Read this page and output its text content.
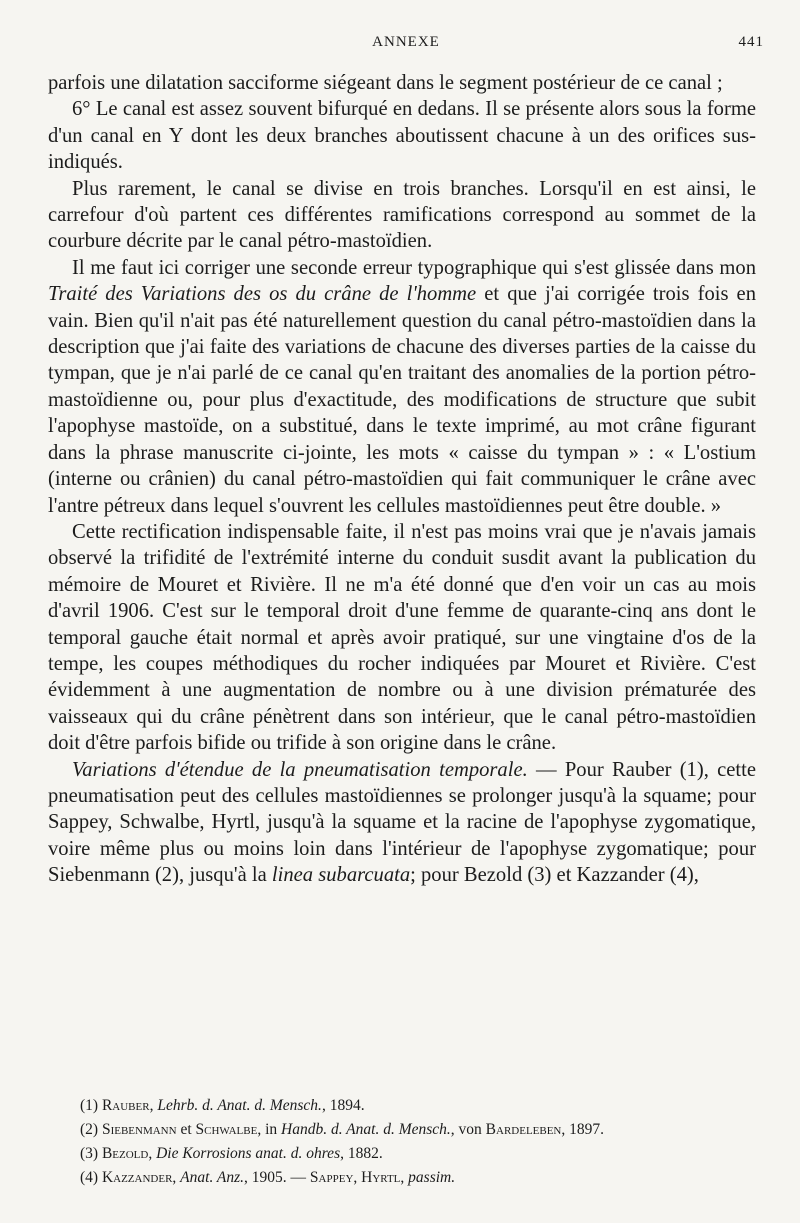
ANNEXE	441

parfois une dilatation sacciforme siégeant dans le segment postérieur de ce canal ;

6° Le canal est assez souvent bifurqué en dedans. Il se présente alors sous la forme d'un canal en Y dont les deux branches aboutissent chacune à un des orifices sus-indiqués.

Plus rarement, le canal se divise en trois branches. Lorsqu'il en est ainsi, le carrefour d'où partent ces différentes ramifications correspond au sommet de la courbure décrite par le canal pétro-mastoïdien.

Il me faut ici corriger une seconde erreur typographique qui s'est glissée dans mon Traité des Variations des os du crâne de l'homme et que j'ai corrigée trois fois en vain. Bien qu'il n'ait pas été naturellement question du canal pétro-mastoïdien dans la description que j'ai faite des variations de chacune des diverses parties de la caisse du tympan, que je n'ai parlé de ce canal qu'en traitant des anomalies de la portion pétro-mastoïdienne ou, pour plus d'exactitude, des modifications de structure que subit l'apophyse mastoïde, on a substitué, dans le texte imprimé, au mot crâne figurant dans la phrase manuscrite ci-jointe, les mots « caisse du tympan » : « L'ostium (interne ou crânien) du canal pétro-mastoïdien qui fait communiquer le crâne avec l'antre pétreux dans lequel s'ouvrent les cellules mastoïdiennes peut être double. »

Cette rectification indispensable faite, il n'est pas moins vrai que je n'avais jamais observé la trifidité de l'extrémité interne du conduit susdit avant la publication du mémoire de Mouret et Rivière. Il ne m'a été donné que d'en voir un cas au mois d'avril 1906. C'est sur le temporal droit d'une femme de quarante-cinq ans dont le temporal gauche était normal et après avoir pratiqué, sur une vingtaine d'os de la tempe, les coupes méthodiques du rocher indiquées par Mouret et Rivière. C'est évidemment à une augmentation de nombre ou à une division prématurée des vaisseaux qui du crâne pénètrent dans son intérieur, que le canal pétro-mastoïdien doit d'être parfois bifide ou trifide à son origine dans le crâne.

Variations d'étendue de la pneumatisation temporale. — Pour Rauber (1), cette pneumatisation peut des cellules mastoïdiennes se prolonger jusqu'à la squame; pour Sappey, Schwalbe, Hyrtl, jusqu'à la squame et la racine de l'apophyse zygomatique, voire même plus ou moins loin dans l'intérieur de l'apophyse zygomatique; pour Siebenmann (2), jusqu'à la linea subarcuata; pour Bezold (3) et Kazzander (4),

(1) Rauber, Lehrb. d. Anat. d. Mensch., 1894.
(2) Siebenmann et Schwalbe, in Handb. d. Anat. d. Mensch., von Bardeleben, 1897.
(3) Bezold, Die Korrosions anat. d. ohres, 1882.
(4) Kazzander, Anat. Anz., 1905. — Sappey, Hyrtl, passim.
